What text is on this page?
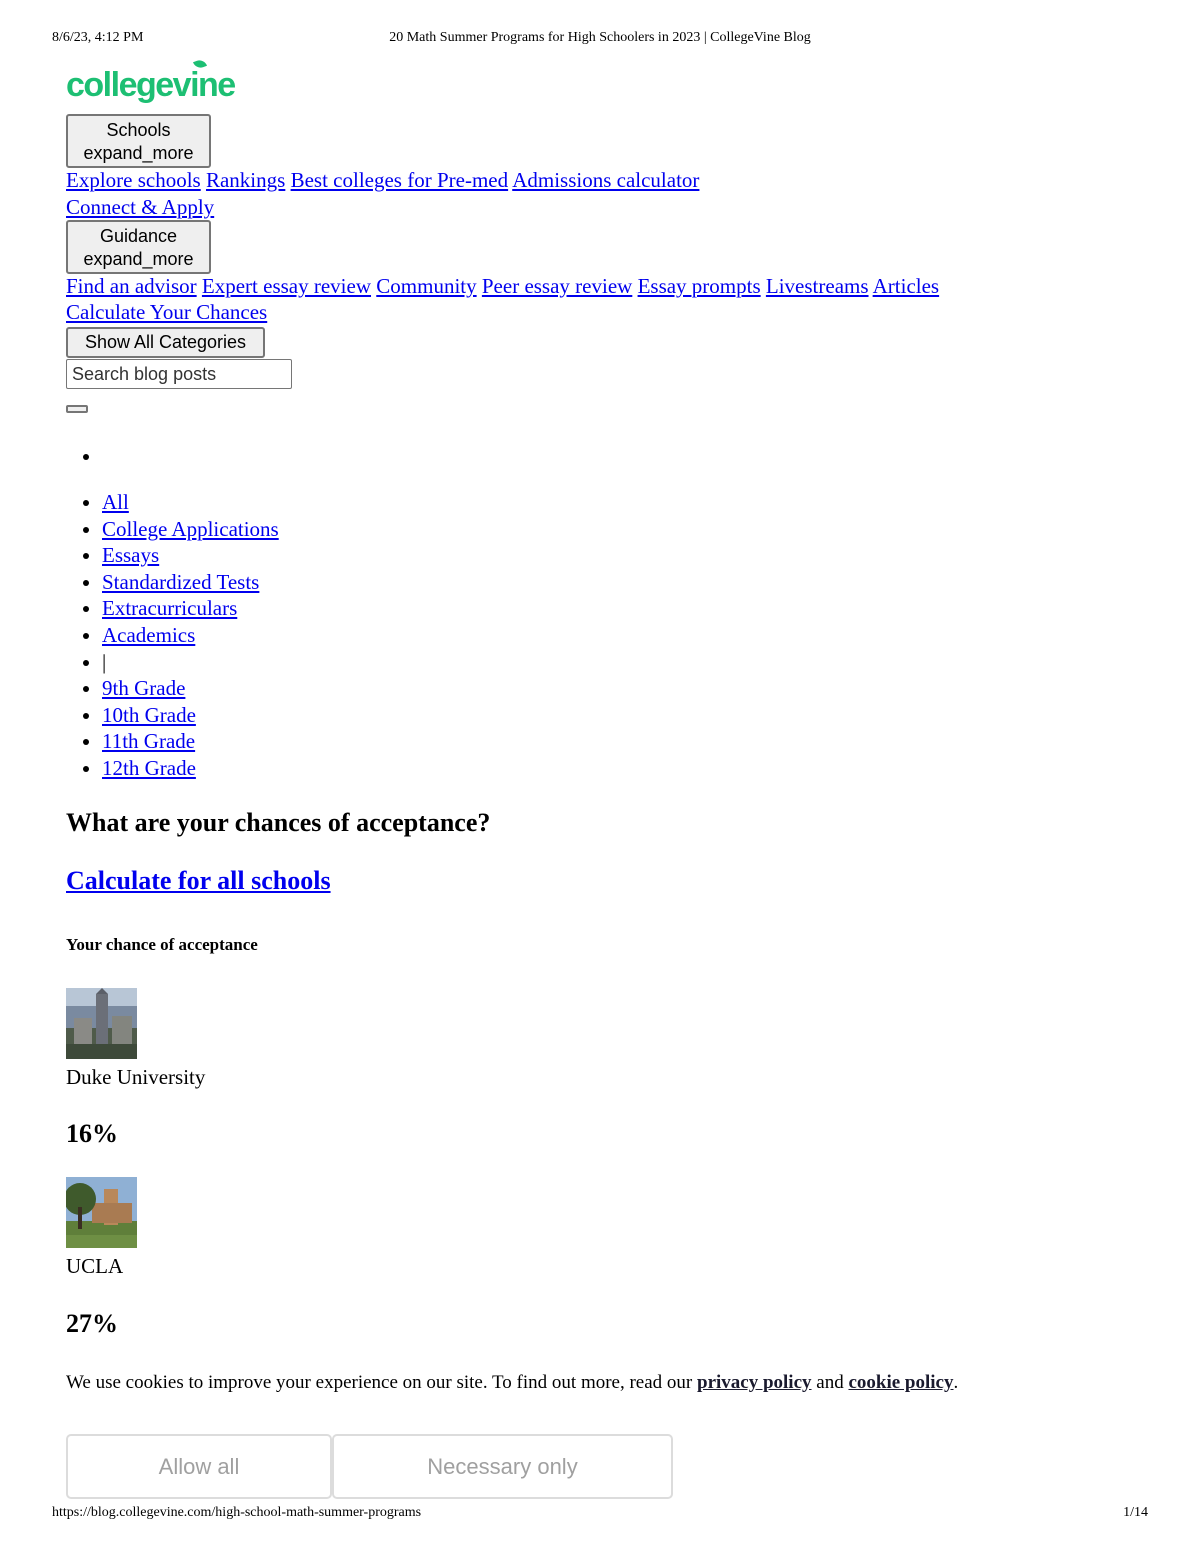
8/6/23, 4:12 PM	20 Math Summer Programs for High Schoolers in 2023 | CollegeVine Blog
collegevine
Schools
expand_more
Explore schools Rankings Best colleges for Pre-med Admissions calculator
Connect & Apply
Guidance
expand_more
Find an advisor Expert essay review Community Peer essay review Essay prompts Livestreams Articles
Calculate Your Chances
Show All Categories
Search blog posts
• All
• College Applications
• Essays
• Standardized Tests
• Extracurriculars
• Academics
• |
• 9th Grade
• 10th Grade
• 11th Grade
• 12th Grade
What are your chances of acceptance?
Calculate for all schools
Your chance of acceptance
Duke University
16%
UCLA
27%
We use cookies to improve your experience on our site. To find out more, read our privacy policy and cookie policy.
Allow all	Necessary only
https://blog.collegevine.com/high-school-math-summer-programs	1/14
